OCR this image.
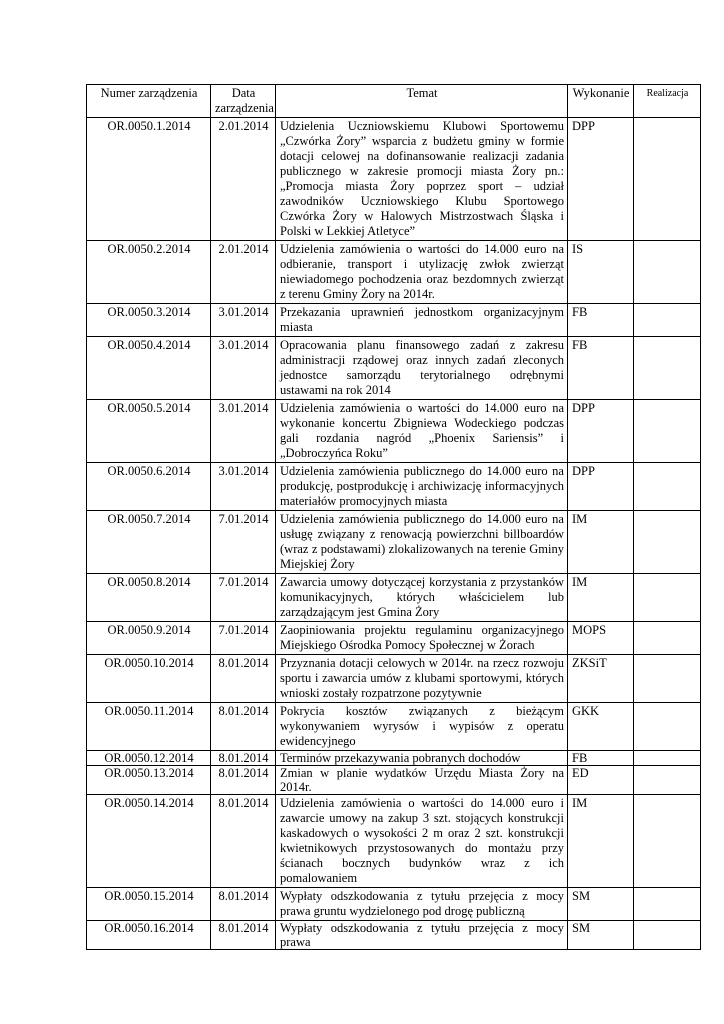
Numer zarządzenia	Data zarządzenia	Temat	Wykonanie	Realizacja
OR.0050.1.2014	2.01.2014	Udzielenia Uczniowskiemu Klubowi Sportowemu „Czwórka Żory” wsparcia z budżetu gminy w formie dotacji celowej na dofinansowanie realizacji zadania publicznego w zakresie promocji miasta Żory pn.: „Promocja miasta Żory poprzez sport – udział zawodników Uczniowskiego Klubu Sportowego Czwórka Żory w Halowych Mistrzostwach Śląska i Polski w Lekkiej Atletyce”	DPP	
OR.0050.2.2014	2.01.2014	Udzielenia zamówienia o wartości do 14.000 euro na odbieranie, transport i utylizację zwłok zwierząt niewiadomego pochodzenia oraz bezdomnych zwierząt z terenu Gminy Żory na 2014r.	IS	
OR.0050.3.2014	3.01.2014	Przekazania uprawnień jednostkom organizacyjnym miasta	FB	
OR.0050.4.2014	3.01.2014	Opracowania planu finansowego zadań z zakresu administracji rządowej oraz innych zadań zleconych jednostce samorządu terytorialnego odrębnymi ustawami na rok 2014	FB	
OR.0050.5.2014	3.01.2014	Udzielenia zamówienia o wartości do 14.000 euro na wykonanie koncertu Zbigniewa Wodeckiego podczas gali rozdania nagród „Phoenix Sariensis” i „Dobroczyńca Roku”	DPP	
OR.0050.6.2014	3.01.2014	Udzielenia zamówienia publicznego do 14.000 euro na produkcję, postprodukcję i archiwizację informacyjnych materiałów promocyjnych miasta	DPP	
OR.0050.7.2014	7.01.2014	Udzielenia zamówienia publicznego do 14.000 euro na usługę związany z renowacją powierzchni billboardów (wraz z podstawami) zlokalizowanych na terenie Gminy Miejskiej Żory	IM	
OR.0050.8.2014	7.01.2014	Zawarcia umowy dotyczącej korzystania z przystanków komunikacyjnych, których właścicielem lub zarządzającym jest Gmina Żory	IM	
OR.0050.9.2014	7.01.2014	Zaopiniowania projektu regulaminu organizacyjnego Miejskiego Ośrodka Pomocy Społecznej w Żorach	MOPS	
OR.0050.10.2014	8.01.2014	Przyznania dotacji celowych w 2014r. na rzecz rozwoju sportu i zawarcia umów z klubami sportowymi, których wnioski zostały rozpatrzone pozytywnie	ZKSiT	
OR.0050.11.2014	8.01.2014	Pokrycia kosztów związanych z bieżącym wykonywaniem wyrysów i wypisów z operatu ewidencyjnego	GKK	
OR.0050.12.2014	8.01.2014	Terminów przekazywania pobranych dochodów	FB	
OR.0050.13.2014	8.01.2014	Zmian w planie wydatków Urzędu Miasta Żory na 2014r.	ED	
OR.0050.14.2014	8.01.2014	Udzielenia zamówienia o wartości do 14.000 euro i zawarcie umowy na zakup 3 szt. stojących konstrukcji kaskadowych o wysokości 2 m oraz 2 szt. konstrukcji kwietnikowych przystosowanych do montażu przy ścianach bocznych budynków wraz z ich pomalowaniem	IM	
OR.0050.15.2014	8.01.2014	Wypłaty odszkodowania z tytułu przejęcia z mocy prawa gruntu wydzielonego pod drogę publiczną	SM	
OR.0050.16.2014	8.01.2014	Wypłaty odszkodowania z tytułu przejęcia z mocy prawa	SM	
